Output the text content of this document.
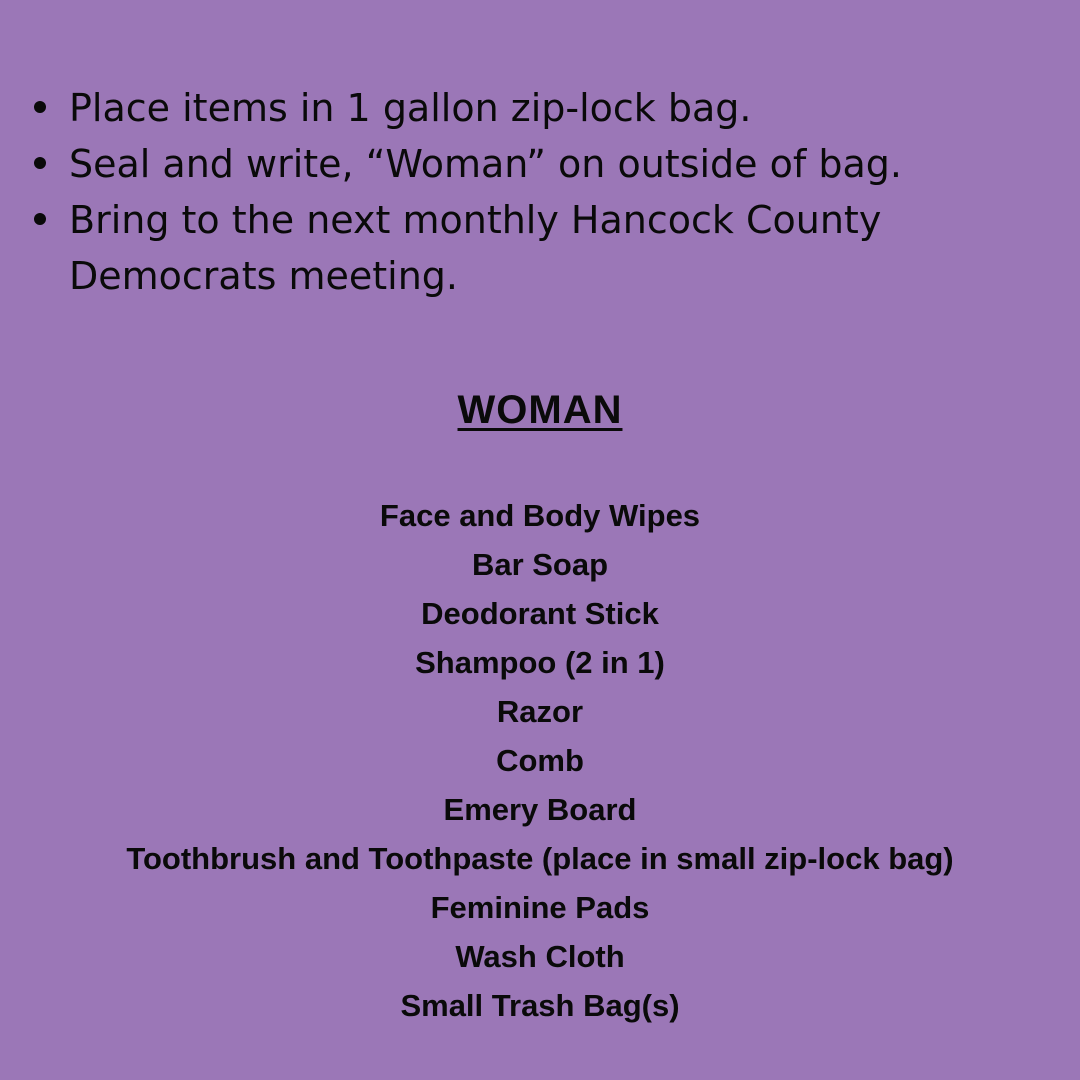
Place items in 1 gallon zip-lock bag.
Seal and write, “Woman” on outside of bag.
Bring to the next monthly Hancock County Democrats meeting.
WOMAN
Face and Body Wipes
Bar Soap
Deodorant Stick
Shampoo (2 in 1)
Razor
Comb
Emery Board
Toothbrush and Toothpaste (place in small zip-lock bag)
Feminine Pads
Wash Cloth
Small Trash Bag(s)
